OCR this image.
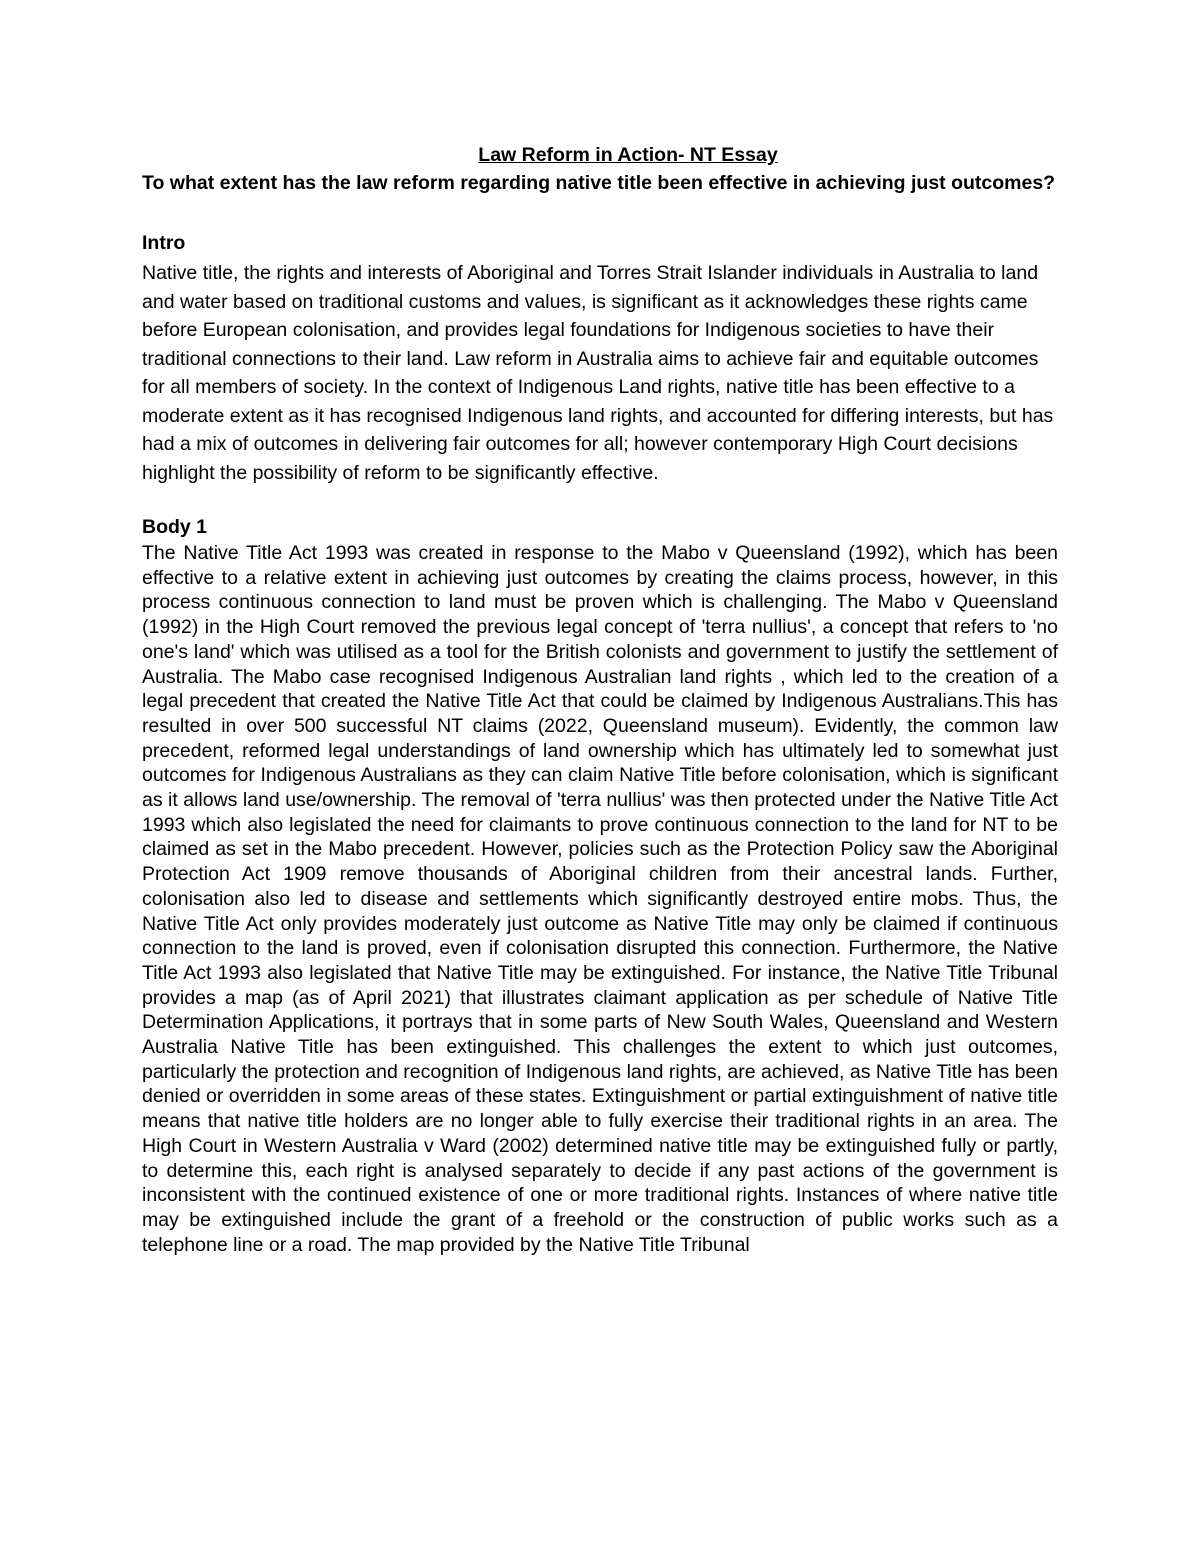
Law Reform in Action- NT Essay

To what extent has the law reform regarding native title been effective in achieving just outcomes?

Intro

Native title, the rights and interests of Aboriginal and Torres Strait Islander individuals in Australia to land and water based on traditional customs and values, is significant as it acknowledges these rights came before European colonisation, and provides legal foundations for Indigenous societies to have their traditional connections to their land. Law reform in Australia aims to achieve fair and equitable outcomes for all members of society. In the context of Indigenous Land rights, native title has been effective to a moderate extent as it has recognised Indigenous land rights, and accounted for differing interests, but has had a mix of outcomes in delivering fair outcomes for all; however contemporary High Court decisions highlight the possibility of reform to be significantly effective.

Body 1

The Native Title Act 1993 was created in response to the Mabo v Queensland (1992), which has been effective to a relative extent in achieving just outcomes by creating the claims process, however, in this process continuous connection to land must be proven which is challenging. The Mabo v Queensland (1992) in the High Court removed the previous legal concept of 'terra nullius', a concept that refers to 'no one's land' which was utilised as a tool for the British colonists and government to justify the settlement of Australia. The Mabo case recognised Indigenous Australian land rights , which led to the creation of a legal precedent that created the Native Title Act that could be claimed by Indigenous Australians.This has resulted in over 500 successful NT claims (2022, Queensland museum). Evidently, the common law precedent, reformed legal understandings of land ownership which has ultimately led to somewhat just outcomes for Indigenous Australians as they can claim Native Title before colonisation, which is significant as it allows land use/ownership. The removal of 'terra nullius' was then protected under the Native Title Act 1993 which also legislated the need for claimants to prove continuous connection to the land for NT to be claimed as set in the Mabo precedent. However, policies such as the Protection Policy saw the Aboriginal Protection Act 1909 remove thousands of Aboriginal children from their ancestral lands. Further, colonisation also led to disease and settlements which significantly destroyed entire mobs. Thus, the Native Title Act only provides moderately just outcome as Native Title may only be claimed if continuous connection to the land is proved, even if colonisation disrupted this connection. Furthermore, the Native Title Act 1993 also legislated that Native Title may be extinguished. For instance, the Native Title Tribunal provides a map (as of April 2021) that illustrates claimant application as per schedule of Native Title Determination Applications, it portrays that in some parts of New South Wales, Queensland and Western Australia Native Title has been extinguished. This challenges the extent to which just outcomes, particularly the protection and recognition of Indigenous land rights, are achieved, as Native Title has been denied or overridden in some areas of these states. Extinguishment or partial extinguishment of native title means that native title holders are no longer able to fully exercise their traditional rights in an area. The High Court in Western Australia v Ward (2002) determined native title may be extinguished fully or partly, to determine this, each right is analysed separately to decide if any past actions of the government is inconsistent with the continued existence of one or more traditional rights. Instances of where native title may be extinguished include the grant of a freehold or the construction of public works such as a telephone line or a road. The map provided by the Native Title Tribunal
